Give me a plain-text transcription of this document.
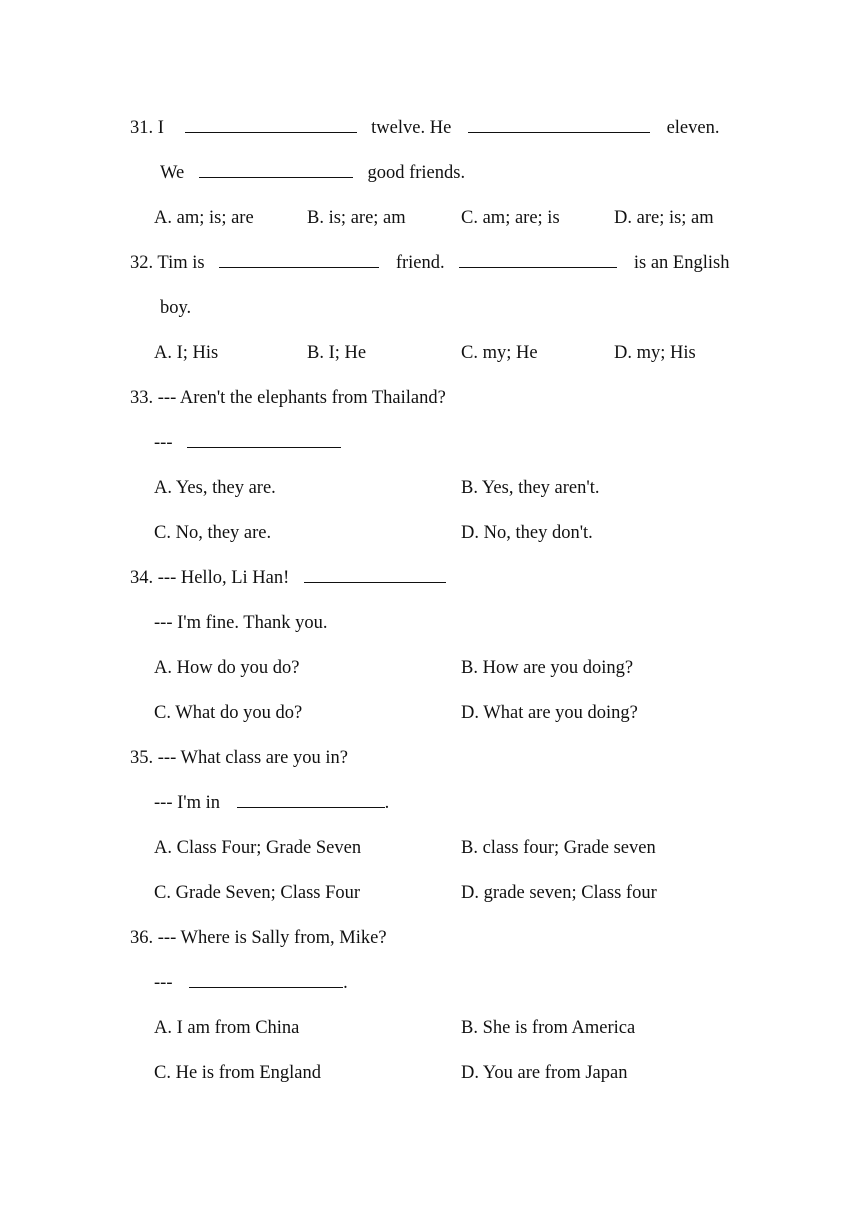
31. I	twelve. He	eleven.
We	good friends.
A. am; is; are	B. is; are; am	C. am; are; is	D. are; is; am
32. Tim is	friend.	is an English
boy.
A. I; His	B. I; He	C. my; He	D. my; His
33. --- Aren't the elephants from Thailand?
---
A. Yes, they are.	B. Yes, they aren't.
C. No, they are.	D. No, they don't.
34. --- Hello, Li Han!
--- I'm fine. Thank you.
A. How do you do?	B. How are you doing?
C. What do you do?	D. What are you doing?
35. --- What class are you in?
--- I'm in	.
A. Class Four; Grade Seven	B. class four; Grade seven
C. Grade Seven; Class Four	D. grade seven; Class four
36. --- Where is Sally from, Mike?
---	.
A. I am from China	B. She is from America
C. He is from England	D. You are from Japan
